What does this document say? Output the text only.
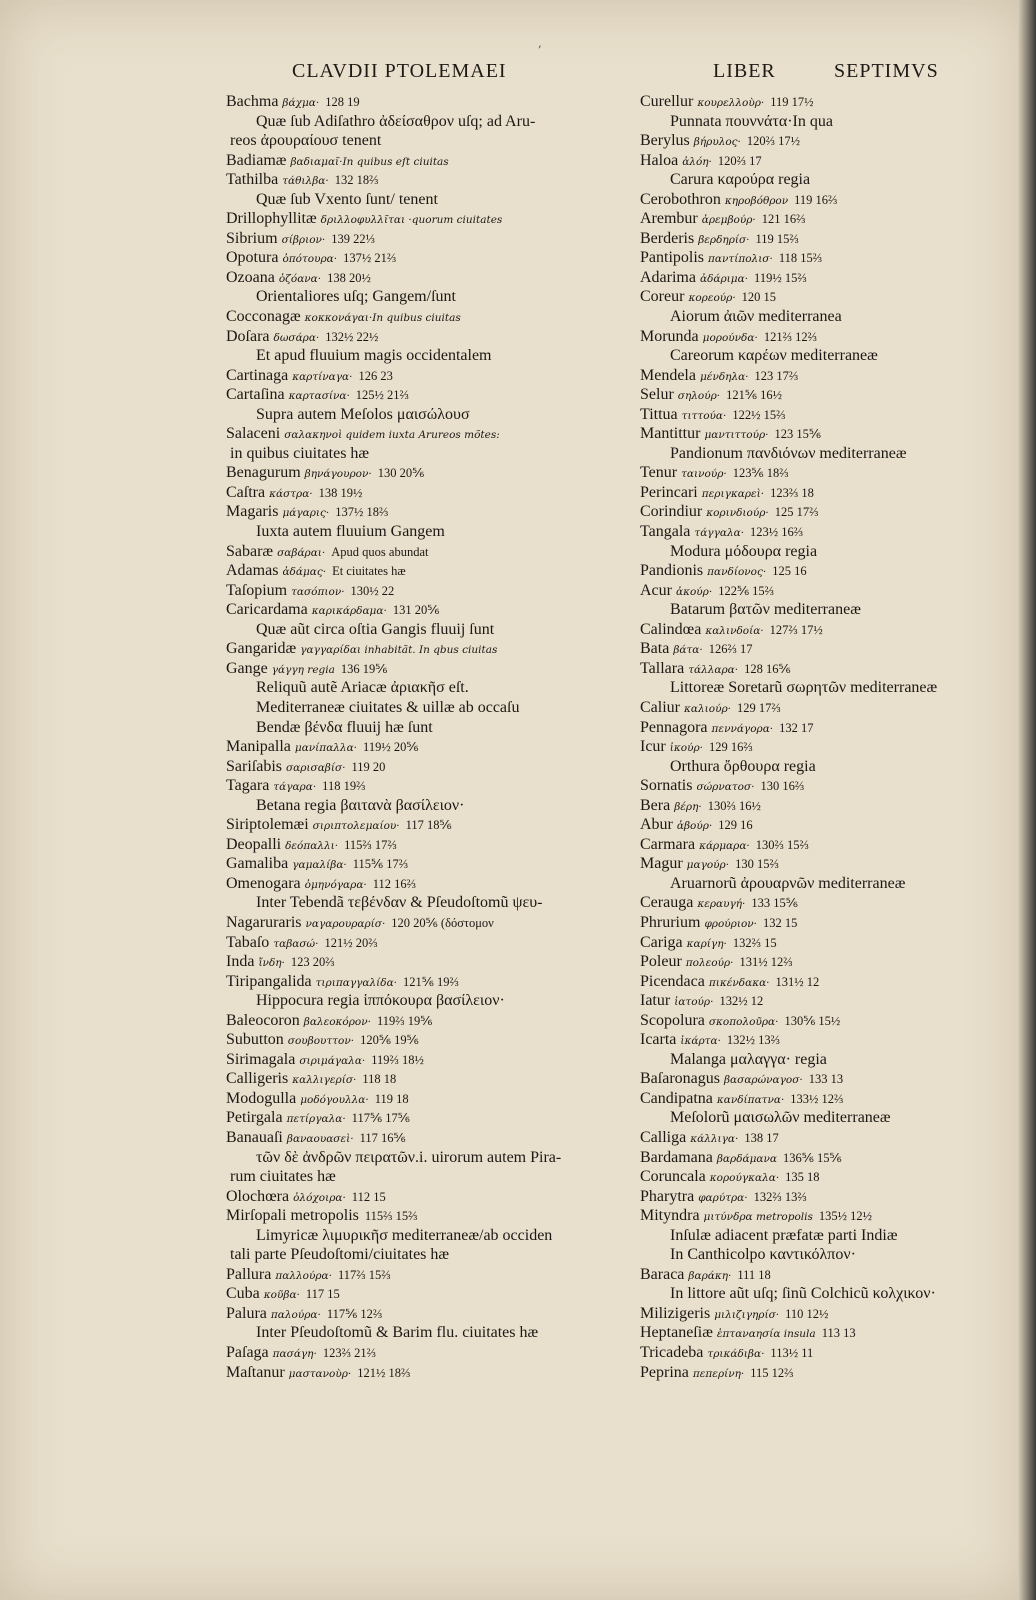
,
CLAVDII PTOLEMAEI	LIBER	SEPTIMVS
Bachma βάχμα· 128 19
Quæ ſub Adiſathro ἀδείσαθρον uſq; ad Aru-
reos ἀρουραίουσ tenent
Badiamæ βαδιαμαῖ·In quibus eſt ciuitas
Tathilba τάθιλβα· 132 18⅔
Quæ ſub Vxento ſunt/ tenent
Drillophyllitæ δριλλοφυλλῖται ·quorum ciuitates
Sibrium σίβριον· 139 22⅓
Opotura ὀπότουρα· 137½ 21⅔
Ozoana ὀζόανα· 138 20½
Orientaliores uſq; Gangem/ſunt
Cocconagæ κοκκονάγαι·In quibus ciuitas
Doſara δωσάρα· 132½ 22½
Et apud fluuium magis occidentalem
Cartinaga καρτίναγα· 126 23
Cartaſina καρτασίνα· 125½ 21⅔
Supra autem Meſolos μαισώλουσ
Salaceni σαλακηνοὶ quidem iuxta Arureos mõtes:
in quibus ciuitates hæ
Benagurum βηνάγουρον· 130 20⅚
Caſtra κάστρα· 138 19½
Magaris μάγαρις· 137½ 18⅔
Iuxta autem fluuium Gangem
Sabaræ σαβάραι· Apud quos abundat
Adamas ἀδάμας· Et ciuitates hæ
Taſopium τασόπιον· 130½ 22
Caricardama καρικάρδαμα· 131 20⅚
Quæ aũt circa oſtia Gangis fluuij ſunt
Gangaridæ γαγγαρίδαι inhabitãt. In qbus ciuitas
Gange γάγγη regia 136 19⅚
Reliquũ autẽ Ariacæ ἀριακῆσ eſt.
Mediterraneæ ciuitates & uillæ ab occaſu
Bendæ βένδα fluuij hæ ſunt
Manipalla μανίπαλλα· 119½ 20⅚
Sariſabis σαρισαβίσ· 119 20
Tagara τάγαρα· 118 19⅔
Betana regia βαιτανὰ βασίλειον·
Siriptolemæi σιριπτολεμαίου· 117 18⅚
Deopalli δεόπαλλι· 115⅔ 17⅔
Gamaliba γαμαλίβα· 115⅚ 17⅔
Omenogara ὀμηνόγαρα· 112 16⅔
Inter Tebendã τεβένδαν & Pſeudoſtomũ ψευ-
Nagaruraris ναγαρουραρίσ· 120 20⅚ (δόστομον
Tabaſo ταβασώ· 121½ 20⅔
Inda ἴνδη· 123 20⅔
Tiripangalida τιριπαγγαλίδα· 121⅚ 19⅔
Hippocura regia ἱππόκουρα βασίλειον·
Baleocoron βαλεοκόρον· 119⅔ 19⅚
Subutton σουβουττον· 120⅚ 19⅚
Sirimagala σιριμάγαλα· 119⅔ 18½
Calligeris καλλιγερίσ· 118 18
Modogulla μοδόγουλλα· 119 18
Petirgala πετίργαλα· 117⅚ 17⅚
Banauaſi βαναουασεὶ· 117 16⅚
τῶν δὲ ἀνδρῶν πειρατῶν.i. uirorum autem Pira-
rum ciuitates hæ
Olochœra ὀλόχοιρα· 112 15
Mirſopali metropolis 115⅔ 15⅔
Limyricæ λιμυρικῆσ mediterraneæ/ab occiden
tali parte Pſeudoſtomi/ciuitates hæ
Pallura παλλούρα· 117⅔ 15⅔
Cuba κοῦβα· 117 15
Palura παλούρα· 117⅚ 12⅔
Inter Pſeudoſtomũ & Barim flu. ciuitates hæ
Paſaga πασάγη· 123⅔ 21⅔
Maſtanur μαστανοὺρ· 121½ 18⅔
Curellur κουρελλοὺρ· 119 17½
Punnata πουννάτα·In qua
Berylus βήρυλος· 120⅔ 17½
Haloa ἀλόη· 120⅔ 17
Carura καρούρα regia
Cerobothron κηροβόθρον 119 16⅔
Arembur ἀρεμβούρ· 121 16⅔
Berderis βερδηρίσ· 119 15⅔
Pantipolis παντίπολισ· 118 15⅔
Adarima ἀδάριμα· 119½ 15⅔
Coreur κορεούρ· 120 15
Aiorum ἀιῶν mediterranea
Morunda μορούνδα· 121⅔ 12⅔
Careorum καρέων mediterraneæ
Mendela μένδηλα· 123 17⅔
Selur σηλούρ· 121⅚ 16½
Tittua τιττούα· 122½ 15⅔
Mantittur μαντιττούρ· 123 15⅚
Pandionum πανδιόνων mediterraneæ
Tenur ταινούρ· 123⅚ 18⅔
Perincari περιγκαρεὶ· 123⅔ 18
Corindiur κορινδιούρ· 125 17⅔
Tangala τάγγαλα· 123½ 16⅔
Modura μόδουρα regia
Pandionis πανδίονος· 125 16
Acur ἀκούρ· 122⅚ 15⅔
Batarum βατῶν mediterraneæ
Calindœa καλινδοία· 127⅔ 17½
Bata βάτα· 126⅔ 17
Tallara τάλλαρα· 128 16⅚
Littoreæ Soretarũ σωρητῶν mediterraneæ
Caliur καλιούρ· 129 17⅔
Pennagora πεννάγορα· 132 17
Icur ἰκούρ· 129 16⅔
Orthura ὄρθουρα regia
Sornatis σώρνατοσ· 130 16⅔
Bera βέρη· 130⅔ 16½
Abur ἀβούρ· 129 16
Carmara κάρμαρα· 130⅔ 15⅔
Magur μαγούρ· 130 15⅔
Aruarnorũ ἀρουαρνῶν mediterraneæ
Cerauga κεραυγή· 133 15⅚
Phrurium φρούριον· 132 15
Cariga καρίγη· 132⅔ 15
Poleur πολεούρ· 131½ 12⅔
Picendaca πικένδακα· 131½ 12
Iatur ἰατούρ· 132½ 12
Scopolura σκοπολοῦρα· 130⅚ 15½
Icarta ἰκάρτα· 132½ 13⅔
Malanga μαλαγγα· regia
Baſaronagus βασαρώναγοσ· 133 13
Candipatna κανδίπατνα· 133½ 12⅔
Meſolorũ μαισωλῶν mediterraneæ
Calliga κάλλιγα· 138 17
Bardamana βαρδάμανα 136⅚ 15⅚
Coruncala κορούγκαλα· 135 18
Pharytra φαρύτρα· 132⅔ 13⅔
Mityndra μιτύνδρα metropolis 135½ 12½
Inſulæ adiacent præfatæ parti Indiæ
In Canthicolpo καντικόλπον·
Baraca βαράκη· 111 18
In littore aũt uſq; ſinũ Colchicũ κολχικον·
Milizigeris μιλιζιγηρίσ· 110 12½
Heptaneſiæ ἑπταναησία insula 113 13
Tricadeba τρικάδιβα· 113½ 11
Peprina πεπερίνη· 115 12⅔
